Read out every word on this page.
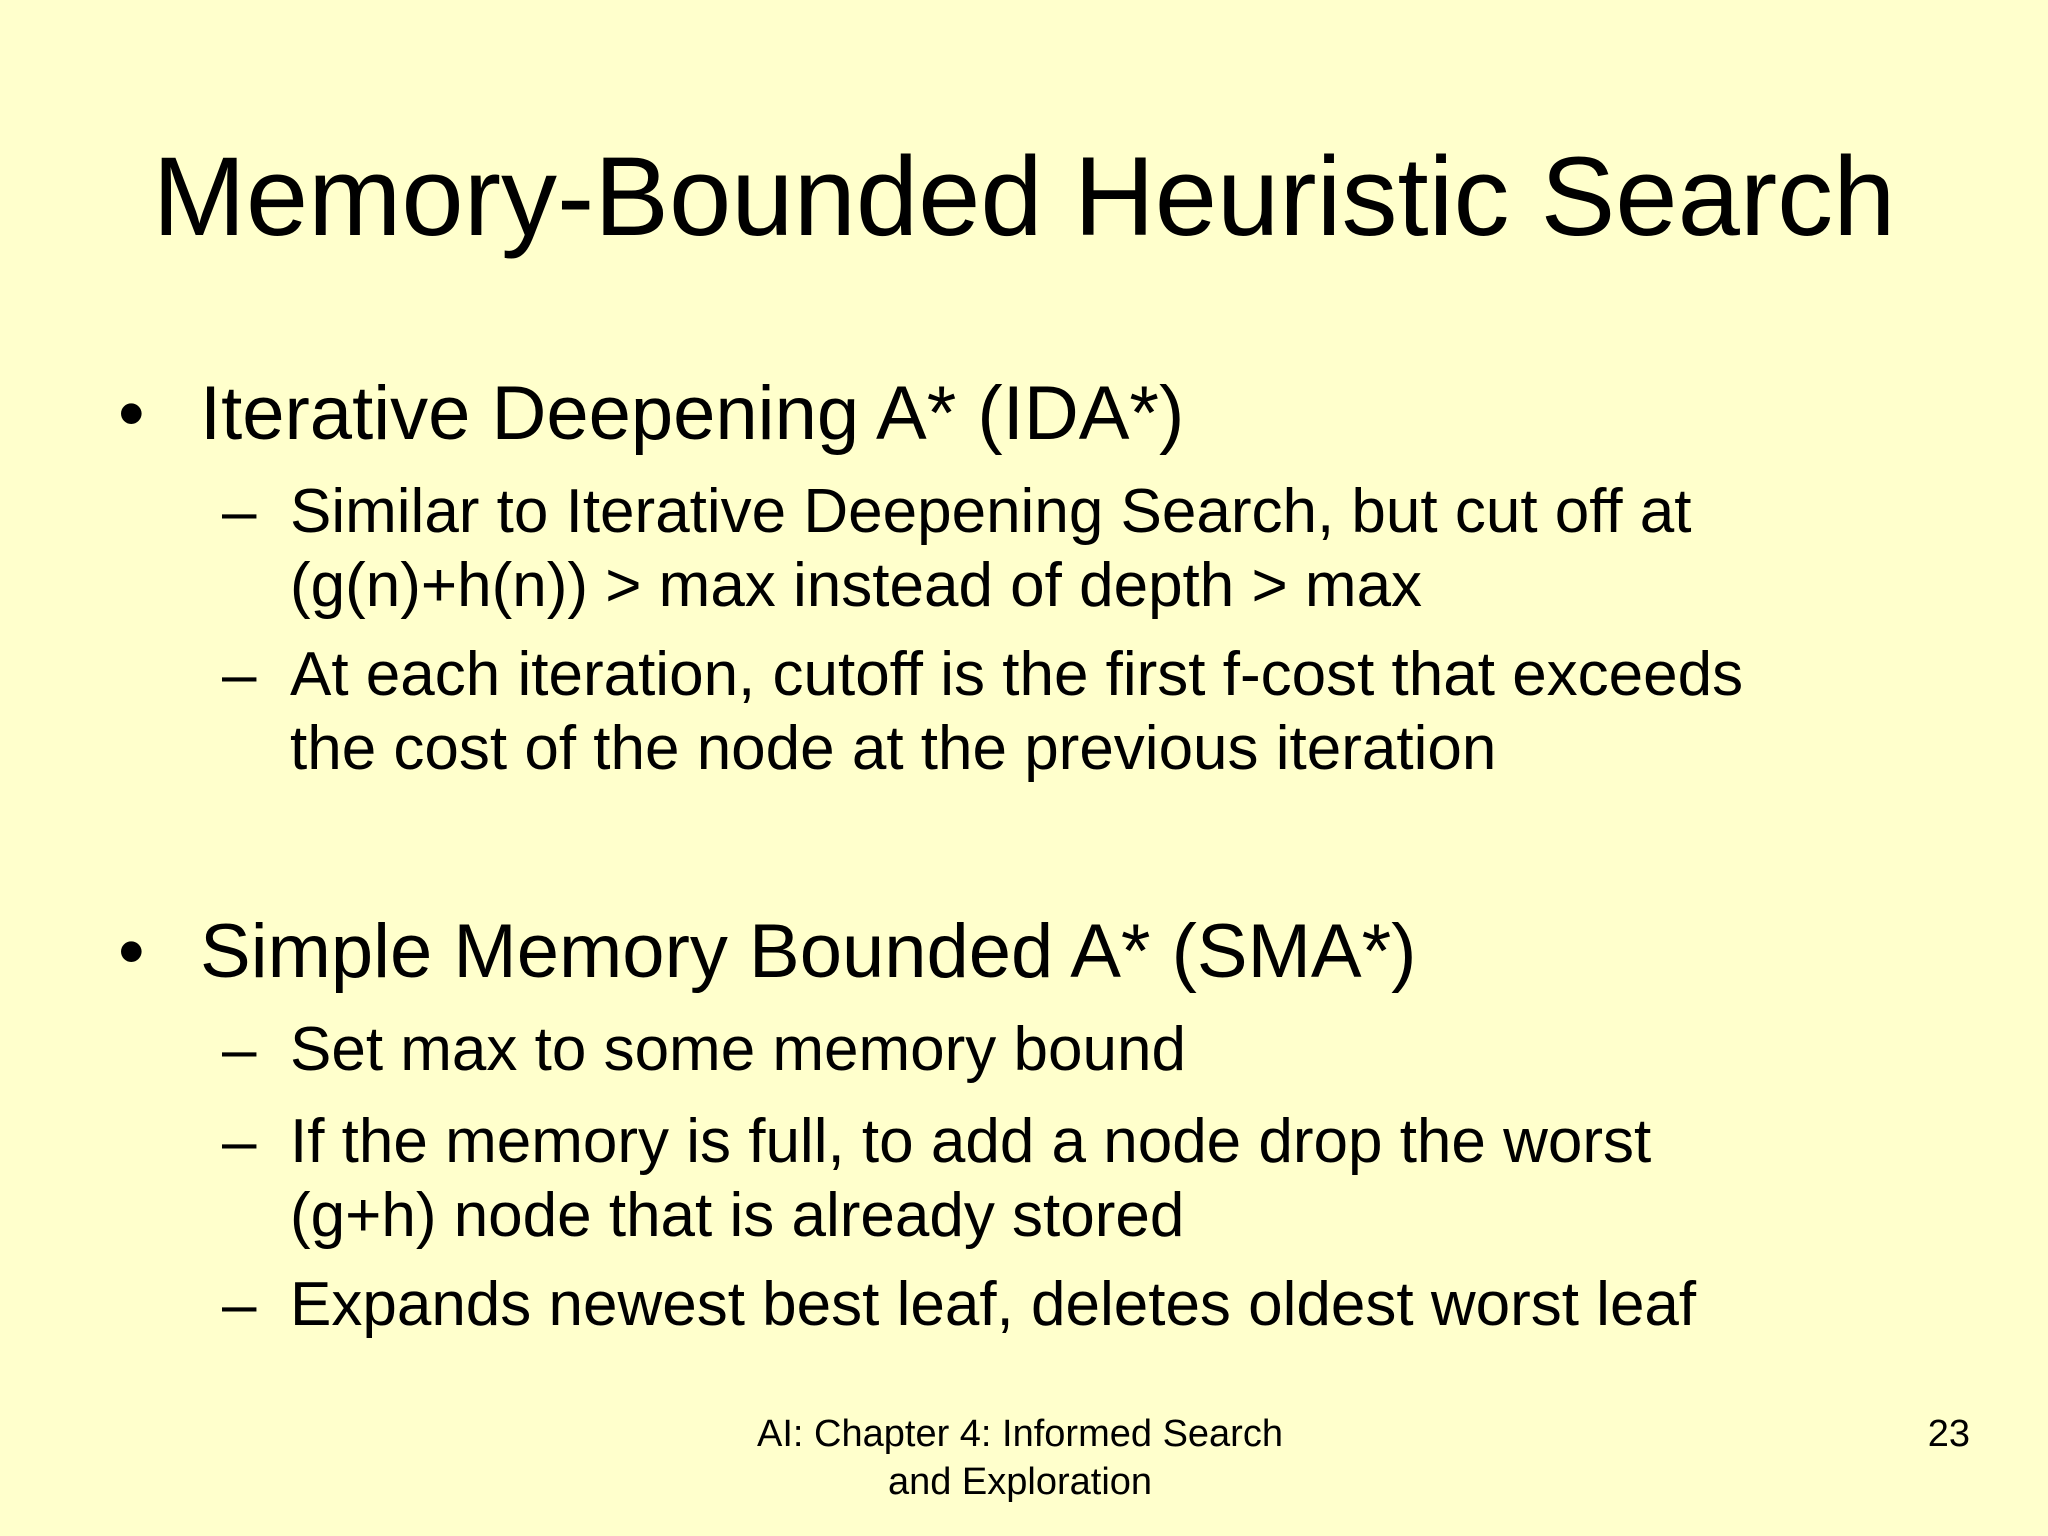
Memory-Bounded Heuristic Search
• Iterative Deepening A* (IDA*)
– Similar to Iterative Deepening Search, but cut off at
(g(n)+h(n)) > max instead of depth > max
– At each iteration, cutoff is the first f-cost that exceeds
the cost of the node at the previous iteration
• Simple Memory Bounded A* (SMA*)
– Set max to some memory bound
– If the memory is full, to add a node drop the worst
(g+h) node that is already stored
– Expands newest best leaf, deletes oldest worst leaf
AI: Chapter 4: Informed Search
and Exploration
23
